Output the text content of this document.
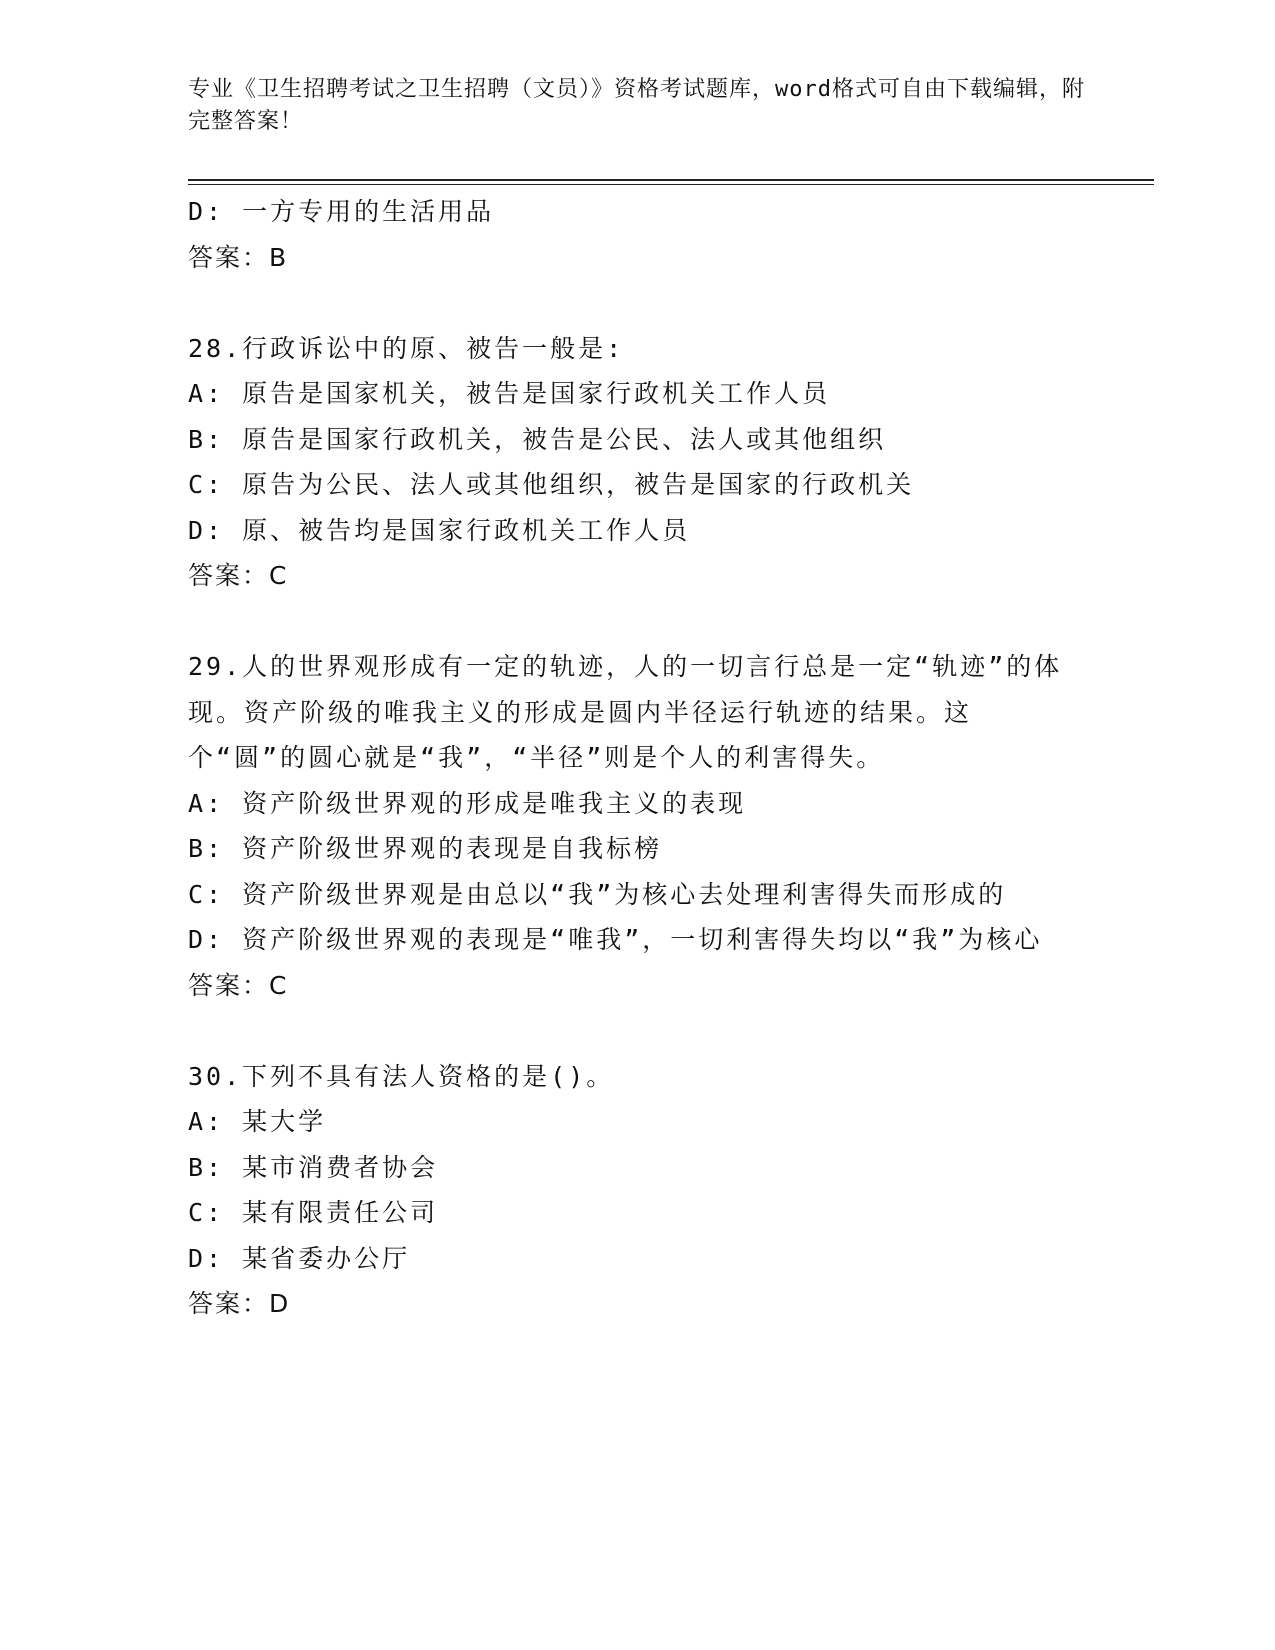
专业《卫生招聘考试之卫生招聘（文员）》资格考试题库，word格式可自由下载编辑，附完整答案！

D: 一方专用的生活用品

答案：B

28.行政诉讼中的原、被告一般是:

A: 原告是国家机关，被告是国家行政机关工作人员

B: 原告是国家行政机关，被告是公民、法人或其他组织

C: 原告为公民、法人或其他组织，被告是国家的行政机关

D: 原、被告均是国家行政机关工作人员

答案：C

29.人的世界观形成有一定的轨迹，人的一切言行总是一定“轨迹”的体现。资产阶级的唯我主义的形成是圆内半径运行轨迹的结果。这个“圆”的圆心就是“我”，“半径”则是个人的利害得失。

A: 资产阶级世界观的形成是唯我主义的表现

B: 资产阶级世界观的表现是自我标榜

C: 资产阶级世界观是由总以“我”为核心去处理利害得失而形成的

D: 资产阶级世界观的表现是“唯我”，一切利害得失均以“我”为核心

答案：C

30.下列不具有法人资格的是()。

A: 某大学

B: 某市消费者协会

C: 某有限责任公司

D: 某省委办公厅

答案：D
